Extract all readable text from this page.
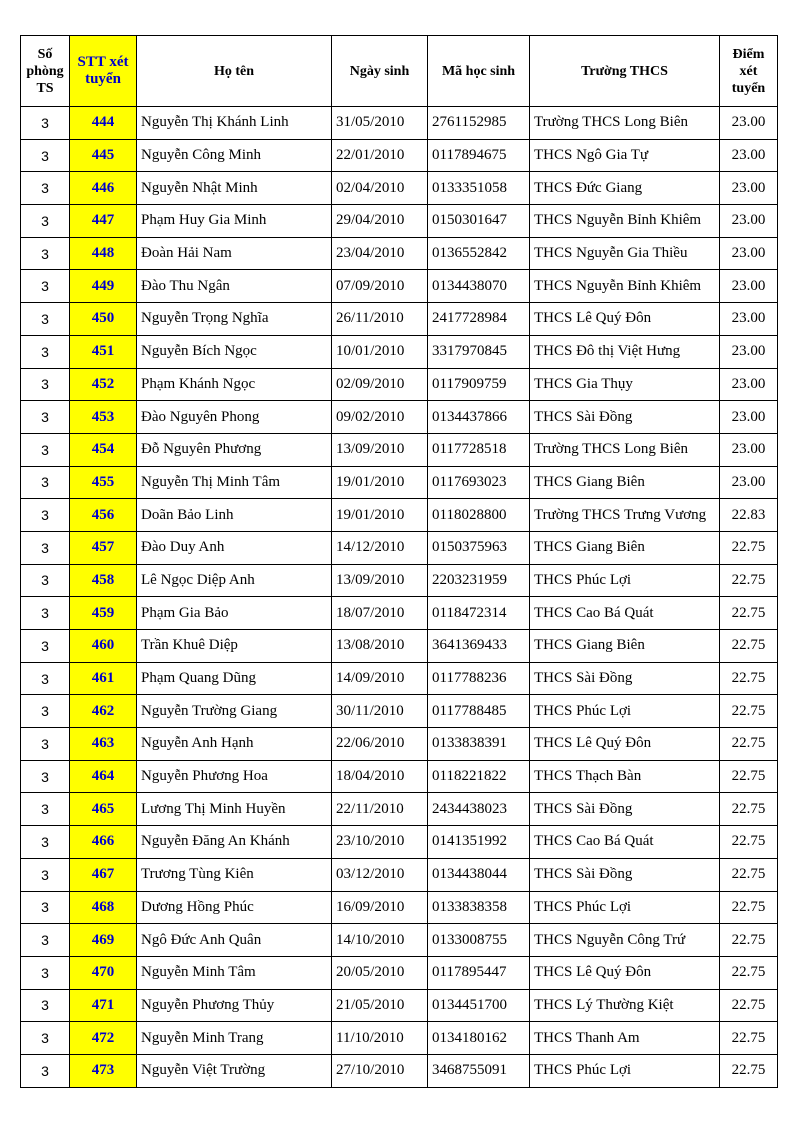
Số phòng TS	STT xét tuyển	Họ tên	Ngày sinh	Mã học sinh	Trường THCS	Điểm xét tuyển
3	444	Nguyễn Thị Khánh Linh	31/05/2010	2761152985	Trường THCS Long Biên	23.00
3	445	Nguyễn Công Minh	22/01/2010	0117894675	THCS Ngô Gia Tự	23.00
3	446	Nguyễn Nhật Minh	02/04/2010	0133351058	THCS Đức Giang	23.00
3	447	Phạm Huy Gia Minh	29/04/2010	0150301647	THCS Nguyễn Bỉnh Khiêm	23.00
3	448	Đoàn Hải Nam	23/04/2010	0136552842	THCS Nguyễn Gia Thiều	23.00
3	449	Đào Thu Ngân	07/09/2010	0134438070	THCS Nguyễn Bỉnh Khiêm	23.00
3	450	Nguyễn Trọng Nghĩa	26/11/2010	2417728984	THCS Lê Quý Đôn	23.00
3	451	Nguyễn Bích Ngọc	10/01/2010	3317970845	THCS Đô thị Việt Hưng	23.00
3	452	Phạm Khánh Ngọc	02/09/2010	0117909759	THCS Gia Thụy	23.00
3	453	Đào Nguyên Phong	09/02/2010	0134437866	THCS Sài Đồng	23.00
3	454	Đỗ Nguyên Phương	13/09/2010	0117728518	Trường THCS Long Biên	23.00
3	455	Nguyễn Thị Minh Tâm	19/01/2010	0117693023	THCS Giang Biên	23.00
3	456	Doãn Bảo Linh	19/01/2010	0118028800	Trường THCS Trưng Vương	22.83
3	457	Đào Duy Anh	14/12/2010	0150375963	THCS Giang Biên	22.75
3	458	Lê Ngọc Diệp Anh	13/09/2010	2203231959	THCS Phúc Lợi	22.75
3	459	Phạm Gia Bảo	18/07/2010	0118472314	THCS Cao Bá Quát	22.75
3	460	Trần Khuê Diệp	13/08/2010	3641369433	THCS Giang Biên	22.75
3	461	Phạm Quang Dũng	14/09/2010	0117788236	THCS Sài Đồng	22.75
3	462	Nguyễn Trường Giang	30/11/2010	0117788485	THCS Phúc Lợi	22.75
3	463	Nguyễn Anh Hạnh	22/06/2010	0133838391	THCS Lê Quý Đôn	22.75
3	464	Nguyễn Phương Hoa	18/04/2010	0118221822	THCS Thạch Bàn	22.75
3	465	Lương Thị Minh Huyền	22/11/2010	2434438023	THCS Sài Đồng	22.75
3	466	Nguyễn Đăng An Khánh	23/10/2010	0141351992	THCS Cao Bá Quát	22.75
3	467	Trương Tùng Kiên	03/12/2010	0134438044	THCS Sài Đồng	22.75
3	468	Dương Hồng Phúc	16/09/2010	0133838358	THCS Phúc Lợi	22.75
3	469	Ngô Đức Anh Quân	14/10/2010	0133008755	THCS Nguyễn Công Trứ	22.75
3	470	Nguyễn Minh Tâm	20/05/2010	0117895447	THCS Lê Quý Đôn	22.75
3	471	Nguyễn Phương Thủy	21/05/2010	0134451700	THCS Lý Thường Kiệt	22.75
3	472	Nguyễn Minh Trang	11/10/2010	0134180162	THCS Thanh Am	22.75
3	473	Nguyễn Việt Trường	27/10/2010	3468755091	THCS Phúc Lợi	22.75
